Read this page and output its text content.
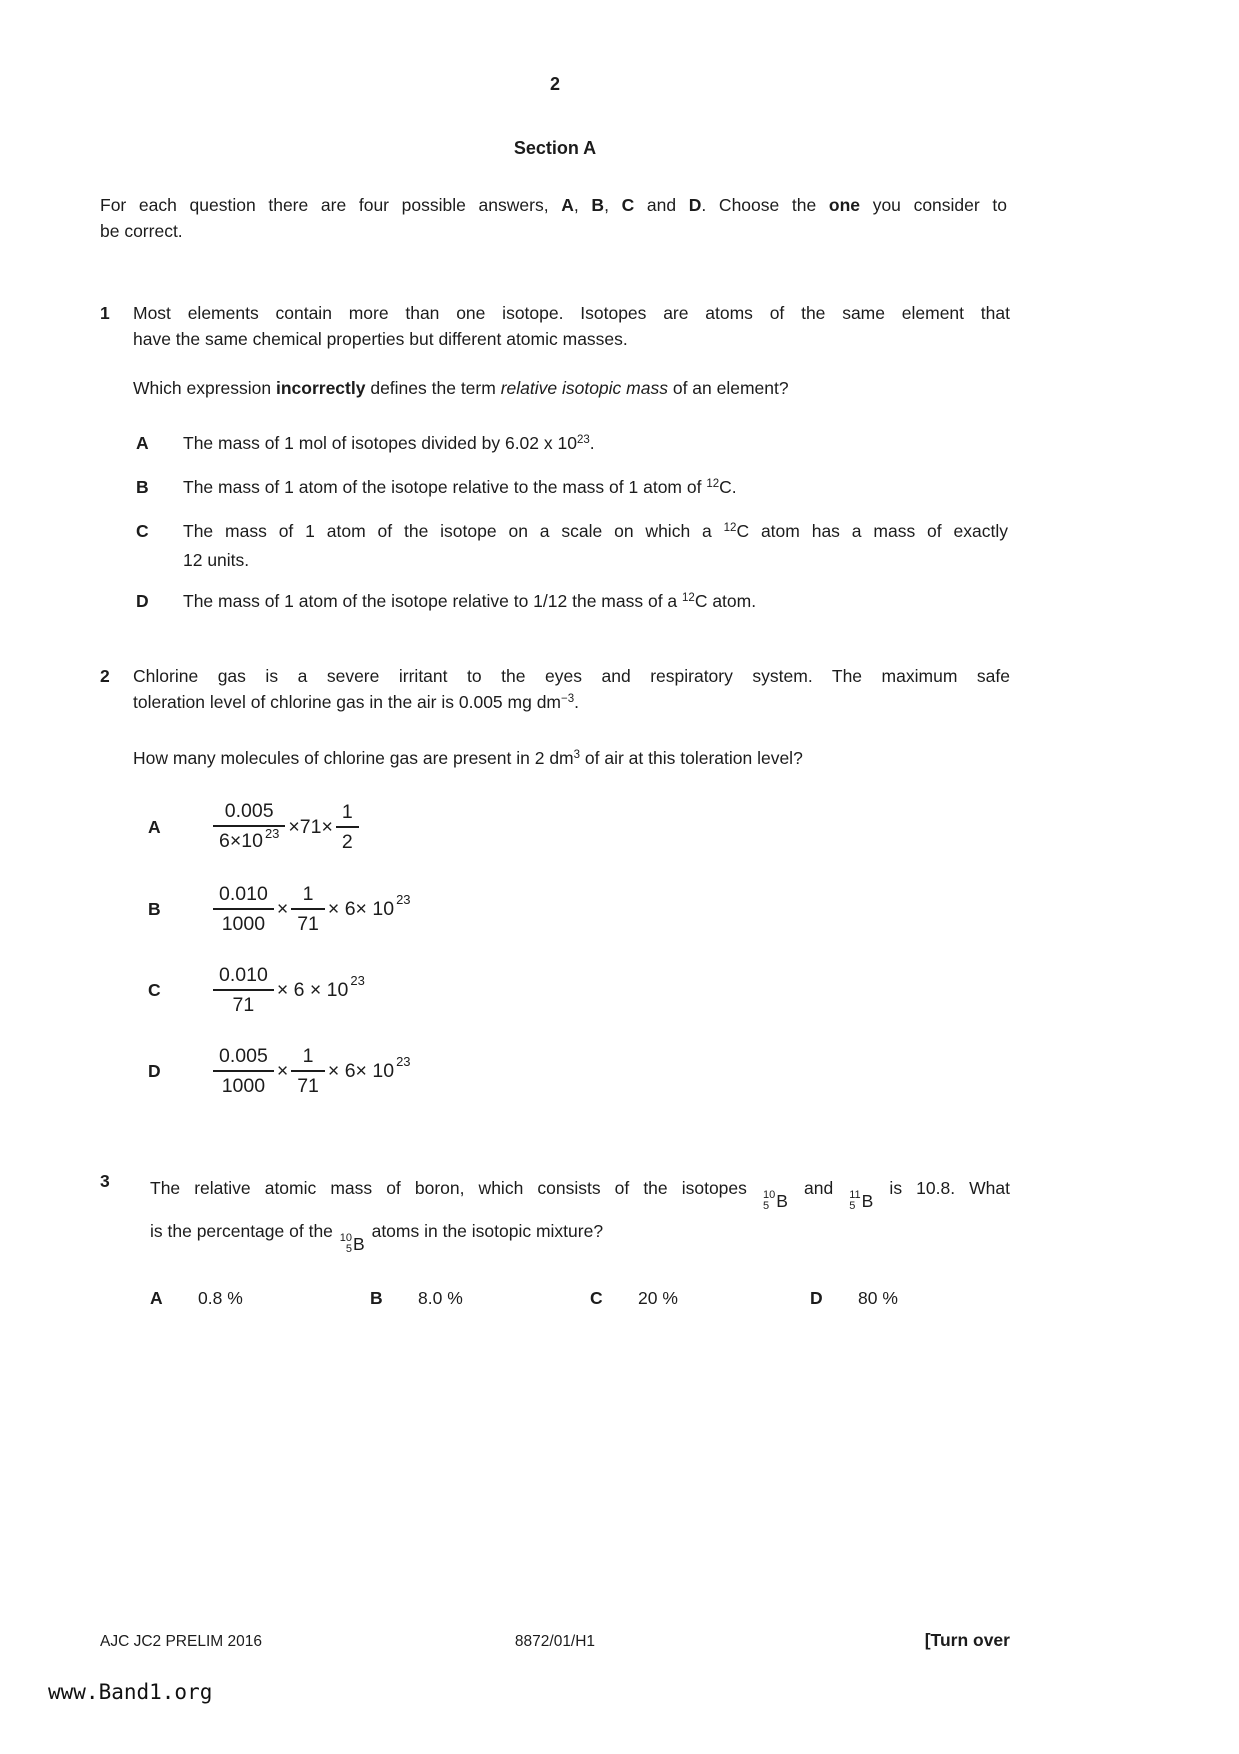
2
Section A
For each question there are four possible answers, A, B, C and D. Choose the one you consider to
be correct.
1	Most elements contain more than one isotope. Isotopes are atoms of the same element that
have the same chemical properties but different atomic masses.
Which expression incorrectly defines the term relative isotopic mass of an element?
A	The mass of 1 mol of isotopes divided by 6.02 x $10^{23}$.
B	The mass of 1 atom of the isotope relative to the mass of 1 atom of $^{12}$C.
C	The mass of 1 atom of the isotope on a scale on which a $^{12}$C atom has a mass of exactly
12 units.
D	The mass of 1 atom of the isotope relative to 1/12 the mass of a $^{12}$C atom.
2	Chlorine gas is a severe irritant to the eyes and respiratory system. The maximum safe
toleration level of chlorine gas in the air is 0.005 mg $dm^{-3}$.
How many molecules of chlorine gas are present in 2 $dm^3$ of air at this toleration level?
A	$\frac{0.005}{6\times 10 ^{23}} \times 71\times \frac{1}{2}$
B	$\frac{0.010}{1000} \times \frac{1}{71} \times 6\times 10$ 23
C	$\frac{0.010}{71} \times 6 \times 10$ 23
D	$\frac{0.005}{1000} \times \frac{1}{71} \times 6\times 10$ 23
3	The relative atomic mass of boron, which consists of the isotopes 10
5 B
and 11
5 B
is 10.8. What
is the percentage of the 10
5 B
atoms in the isotopic mixture?
A	0.8 %	B	8.0 %	C	20 %	D	80 %
AJC JC2 PRELIM 2016	8872/01/H1	[Turn over
www.Band1.org
